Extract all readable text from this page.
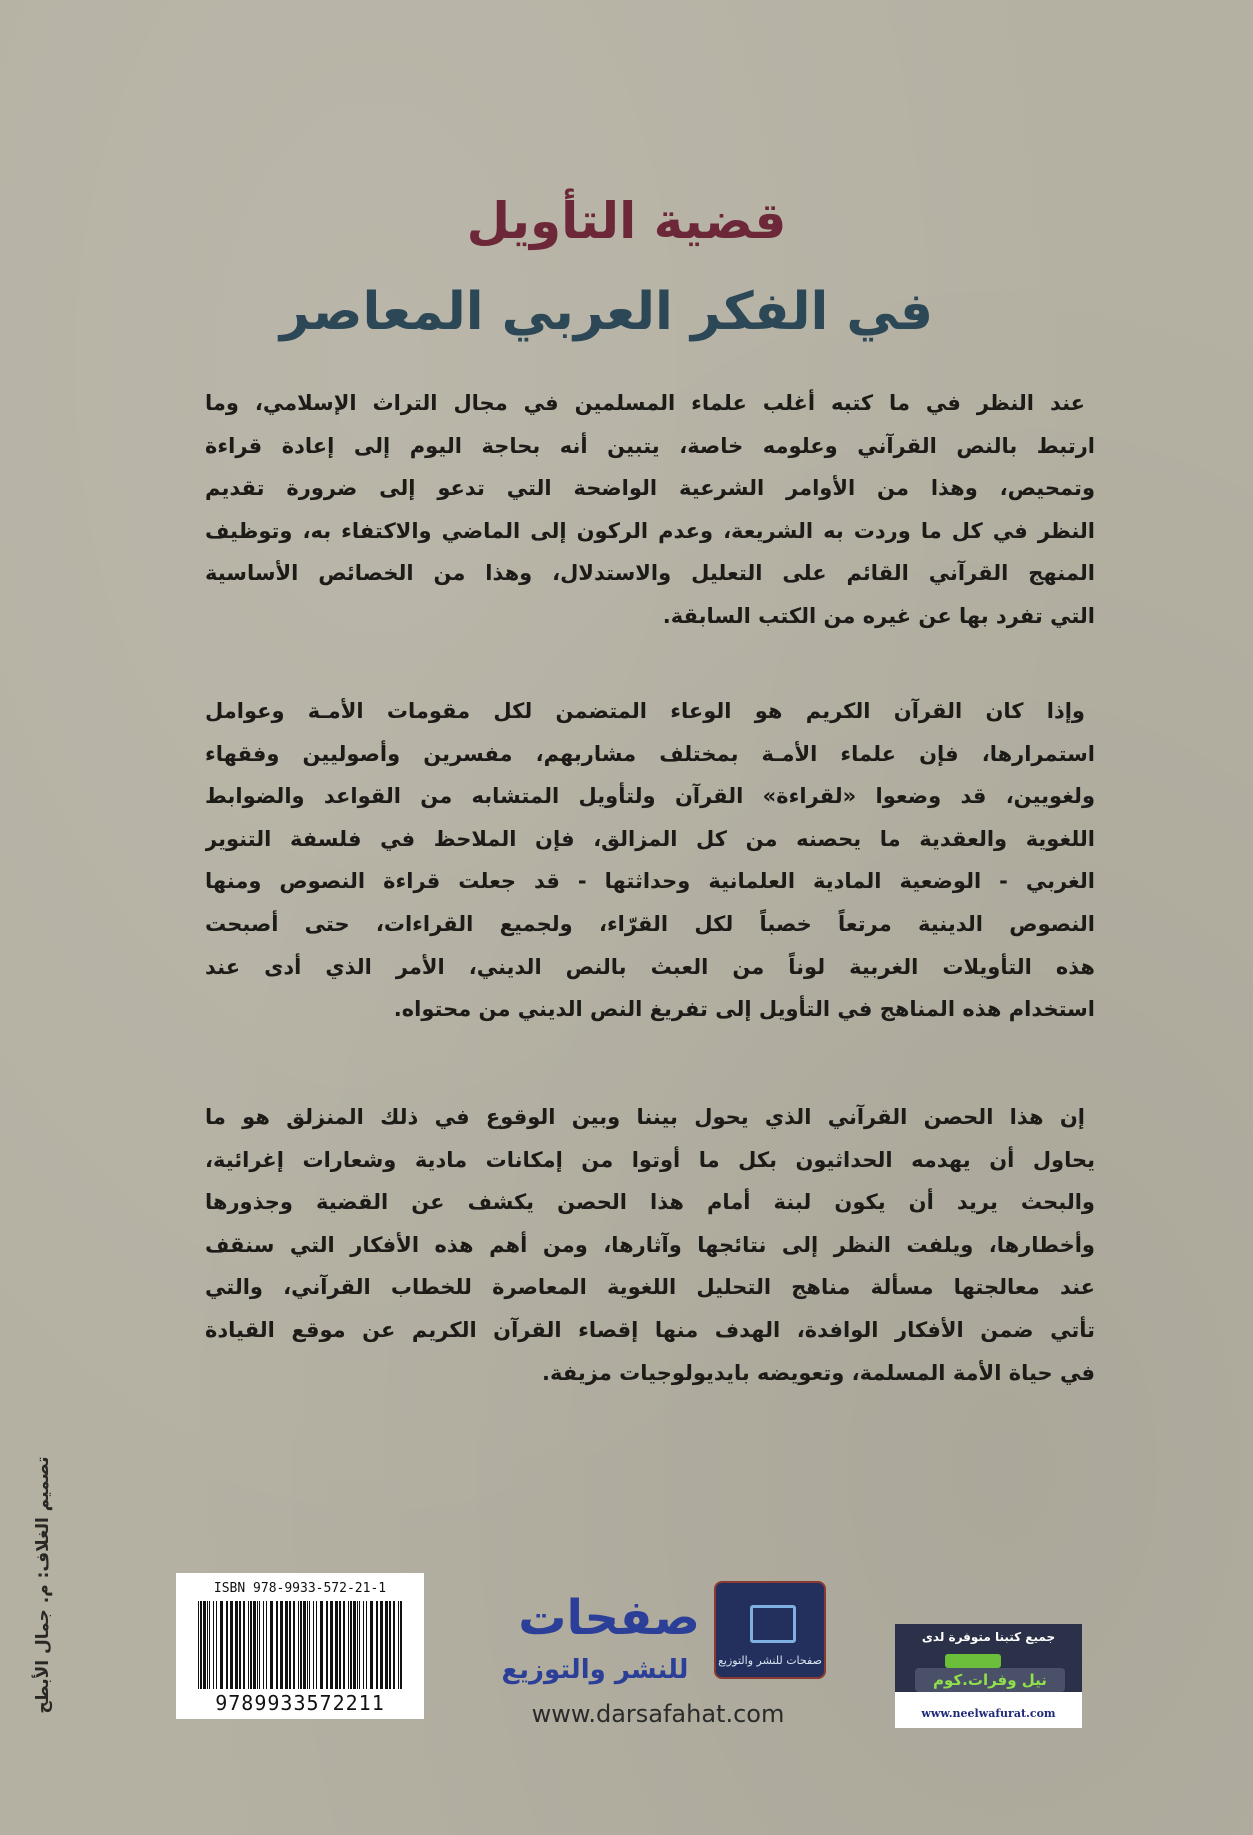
قضية التأويل
في الفكر العربي المعاصر
عند النظر في ما كتبه أغلب علماء المسلمين في مجال التراث الإسلامي، وما
ارتبط بالنص القرآني وعلومه خاصة، يتبين أنه بحاجة اليوم إلى إعادة قراءة
وتمحيص، وهذا من الأوامر الشرعية الواضحة التي تدعو إلى ضرورة تقديم
النظر في كل ما وردت به الشريعة، وعدم الركون إلى الماضي والاكتفاء به، وتوظيف
المنهج القرآني القائم على التعليل والاستدلال، وهذا من الخصائص الأساسية
التي تفرد بها عن غيره من الكتب السابقة.
وإذا كان القرآن الكريم هو الوعاء المتضمن لكل مقومات الأمـة وعوامل
استمرارها، فإن علماء الأمـة بمختلف مشاربهم، مفسرين وأصوليين وفقهاء
ولغويين، قد وضعوا «لقراءة» القرآن ولتأويل المتشابه من القواعد والضوابط
اللغوية والعقدية ما يحصنه من كل المزالق، فإن الملاحظ في فلسفة التنوير
الغربي - الوضعية المادية العلمانية وحداثتها - قد جعلت قراءة النصوص ومنها
النصوص الدينية مرتعاً خصباً لكل القرّاء، ولجميع القراءات، حتى أصبحت
هذه التأويلات الغربية لوناً من العبث بالنص الديني، الأمر الذي أدى عند
استخدام هذه المناهج في التأويل إلى تفريغ النص الديني من محتواه.
إن هذا الحصن القرآني الذي يحول بيننا وبين الوقوع في ذلك المنزلق هو ما
يحاول أن يهدمه الحداثيون بكل ما أوتوا من إمكانات مادية وشعارات إغرائية،
والبحث يريد أن يكون لبنة أمام هذا الحصن يكشف عن القضية وجذورها
وأخطارها، ويلفت النظر إلى نتائجها وآثارها، ومن أهم هذه الأفكار التي سنقف
عند معالجتها مسألة مناهج التحليل اللغوية المعاصرة للخطاب القرآني، والتي
تأتي ضمن الأفكار الوافدة، الهدف منها إقصاء القرآن الكريم عن موقع القيادة
في حياة الأمة المسلمة، وتعويضه بايديولوجيات مزيفة.
تصميم الغلاف: م. جمال الأبطح	ISBN 978-9933-572-21-1
9789933572211
صفحات
للنشر والتوزيع
www.darsafahat.com
صفحات للنشر والتوزيع
جميع كتبنا متوفرة لدى
نيل وفرات.كوم
www.neelwafurat.com
